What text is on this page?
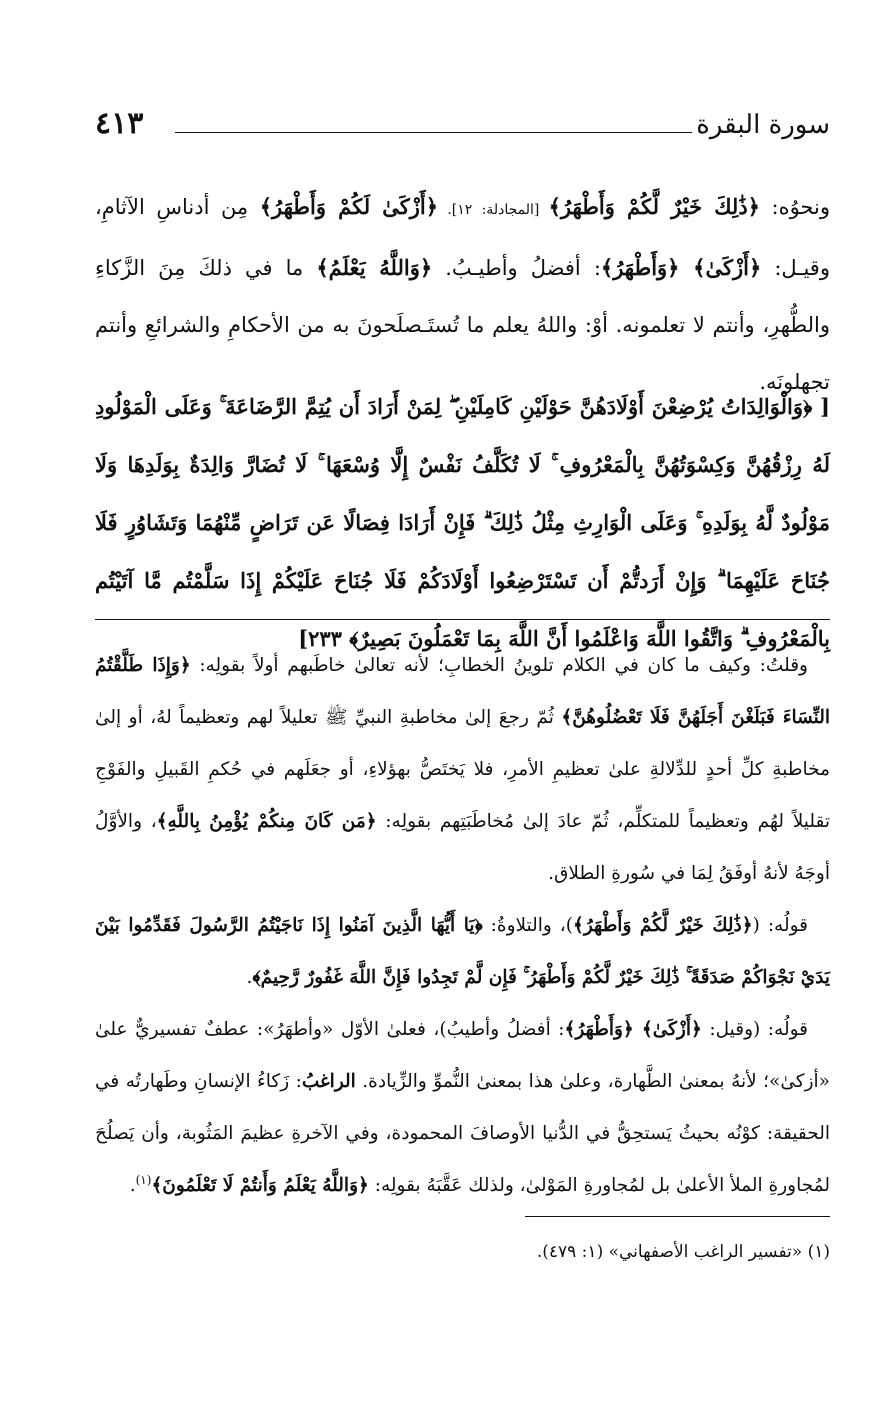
سورة البقرة
٤١٣

ونحوُه: ﴿ذَٰلِكَ خَيْرٌ لَّكُمْ وَأَطْهَرُ﴾ [المجادلة: ١٢]. ﴿أَزْكَىٰ لَكُمْ وَأَطْهَرُ﴾ مِن أدناسِ الآثامِ، وقيـل: ﴿أَزْكَىٰ﴾ ﴿وَأَطْهَرُ﴾: أفضلُ وأطيـبُ. ﴿وَاللَّهُ يَعْلَمُ﴾ ما في ذلكَ مِنَ الزَّكاءِ والطُّهرِ، وأنتم لا تعلمونه. أوْ: واللهُ يعلم ما تُستَـصلَحونَ به من الأحكامِ والشرائعِ وأنتم تجهلونَه.

[ ﴿وَالْوَالِدَاتُ يُرْضِعْنَ أَوْلَادَهُنَّ حَوْلَيْنِ كَامِلَيْنِ ۖ لِمَنْ أَرَادَ أَن يُتِمَّ الرَّضَاعَةَ ۚ وَعَلَى الْمَوْلُودِ لَهُ رِزْقُهُنَّ وَكِسْوَتُهُنَّ بِالْمَعْرُوفِ ۚ لَا تُكَلَّفُ نَفْسٌ إِلَّا وُسْعَهَا ۚ لَا تُضَارَّ وَالِدَةٌ بِوَلَدِهَا وَلَا مَوْلُودٌ لَّهُ بِوَلَدِهِ ۚ وَعَلَى الْوَارِثِ مِثْلُ ذَٰلِكَ ۗ فَإِنْ أَرَادَا فِصَالًا عَن تَرَاضٍ مِّنْهُمَا وَتَشَاوُرٍ فَلَا جُنَاحَ عَلَيْهِمَا ۗ وَإِنْ أَرَدتُّمْ أَن تَسْتَرْضِعُوا أَوْلَادَكُمْ فَلَا جُنَاحَ عَلَيْكُمْ إِذَا سَلَّمْتُم مَّا آتَيْتُم بِالْمَعْرُوفِ ۗ وَاتَّقُوا اللَّهَ وَاعْلَمُوا أَنَّ اللَّهَ بِمَا تَعْمَلُونَ بَصِيرٌ﴾ ٢٣٣]

وقلتُ: وكيف ما كان في الكلام تلوينُ الخطابِ؛ لأنه تعالىٰ خاطَبهم أولاً بقولِه: ﴿وَإِذَا طَلَّقْتُمُ النِّسَاءَ فَبَلَغْنَ أَجَلَهُنَّ فَلَا تَعْضُلُوهُنَّ﴾ ثُمّ رجعَ إلىٰ مخاطبةِ النبيِّ ﷺ تعليلاً لهم وتعظيماً لهُ، أو إلىٰ مخاطبةِ كلِّ أحدٍ للدِّلالةِ علىٰ تعظيمِ الأمرِ، فلا يَختَصُّ بهؤلاءِ، أو جعَلَهم في حُكمِ القَبيلِ والفَوْجِ تقليلاً لهُم وتعظيماً للمتكلِّم، ثُمّ عادَ إلىٰ مُخاطَبَتِهم بقولِه: ﴿مَن كَانَ مِنكُمْ يُؤْمِنُ بِاللَّهِ﴾، والأوَّلُ أوجَهُ لأنهُ أوفَقُ لِمَا في سُورةِ الطلاق.

قولُه: (﴿ذَٰلِكَ خَيْرٌ لَّكُمْ وَأَطْهَرُ﴾)، والتلاوةُ: ﴿يَا أَيُّهَا الَّذِينَ آمَنُوا إِذَا نَاجَيْتُمُ الرَّسُولَ فَقَدِّمُوا بَيْنَ يَدَيْ نَجْوَاكُمْ صَدَقَةً ۚ ذَٰلِكَ خَيْرٌ لَّكُمْ وَأَطْهَرُ ۚ فَإِن لَّمْ تَجِدُوا فَإِنَّ اللَّهَ غَفُورٌ رَّحِيمٌ﴾.

قولُه: (وقيل: ﴿أَزْكَىٰ﴾ ﴿وَأَطْهَرُ﴾: أفضلُ وأطيبُ)، فعلىٰ الأوّل «وأطهَرُ»: عطفٌ تفسيريٌّ علىٰ «أزكىٰ»؛ لأنهُ بمعنىٰ الطَّهارة، وعلىٰ هذا بمعنىٰ النُّموِّ والزِّيادة. الراغبُ: زَكاءُ الإنسانِ وطَهارتُه في الحقيقة: كوْنُه بحيثُ يَستحِقُّ في الدُّنيا الأوصافَ المحمودة، وفي الآخرةِ عظيمَ المَثُوبة، وأن يَصلُحَ لمُجاورةِ الملأ الأعلىٰ بل لمُجاورةِ المَوْلىٰ، ولذلك عَقَّبَهُ بقولِه: ﴿وَاللَّهُ يَعْلَمُ وَأَنتُمْ لَا تَعْلَمُونَ﴾$^{(١)}$.

(١) «تفسير الراغب الأصفهاني» (١: ٤٧٩).
